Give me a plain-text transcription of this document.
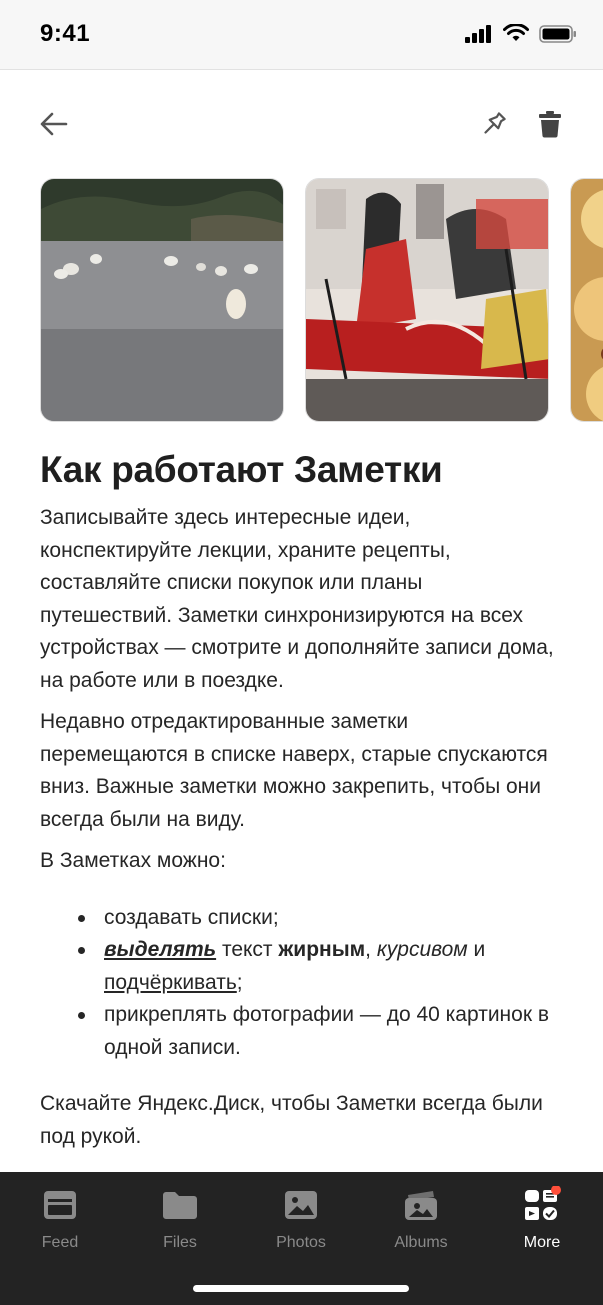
9:41
Как работают Заметки

Записывайте здесь интересные идеи, конспектируйте лекции, храните рецепты, составляйте списки покупок или планы путешествий. Заметки синхронизируются на всех устройствах — смотрите и дополняйте записи дома, на работе или в поездке.

Недавно отредактированные заметки перемещаются в списке наверх, старые спускаются вниз. Важные заметки можно закрепить, чтобы они всегда были на виду.

В Заметках можно:

создавать списки;
выделять текст жирным, курсивом и подчёркивать;
прикреплять фотографии — до 40 картинок в одной записи.

Скачайте Яндекс.Диск, чтобы Заметки всегда были под рукой.

Feed	Files	Photos	Albums	More
